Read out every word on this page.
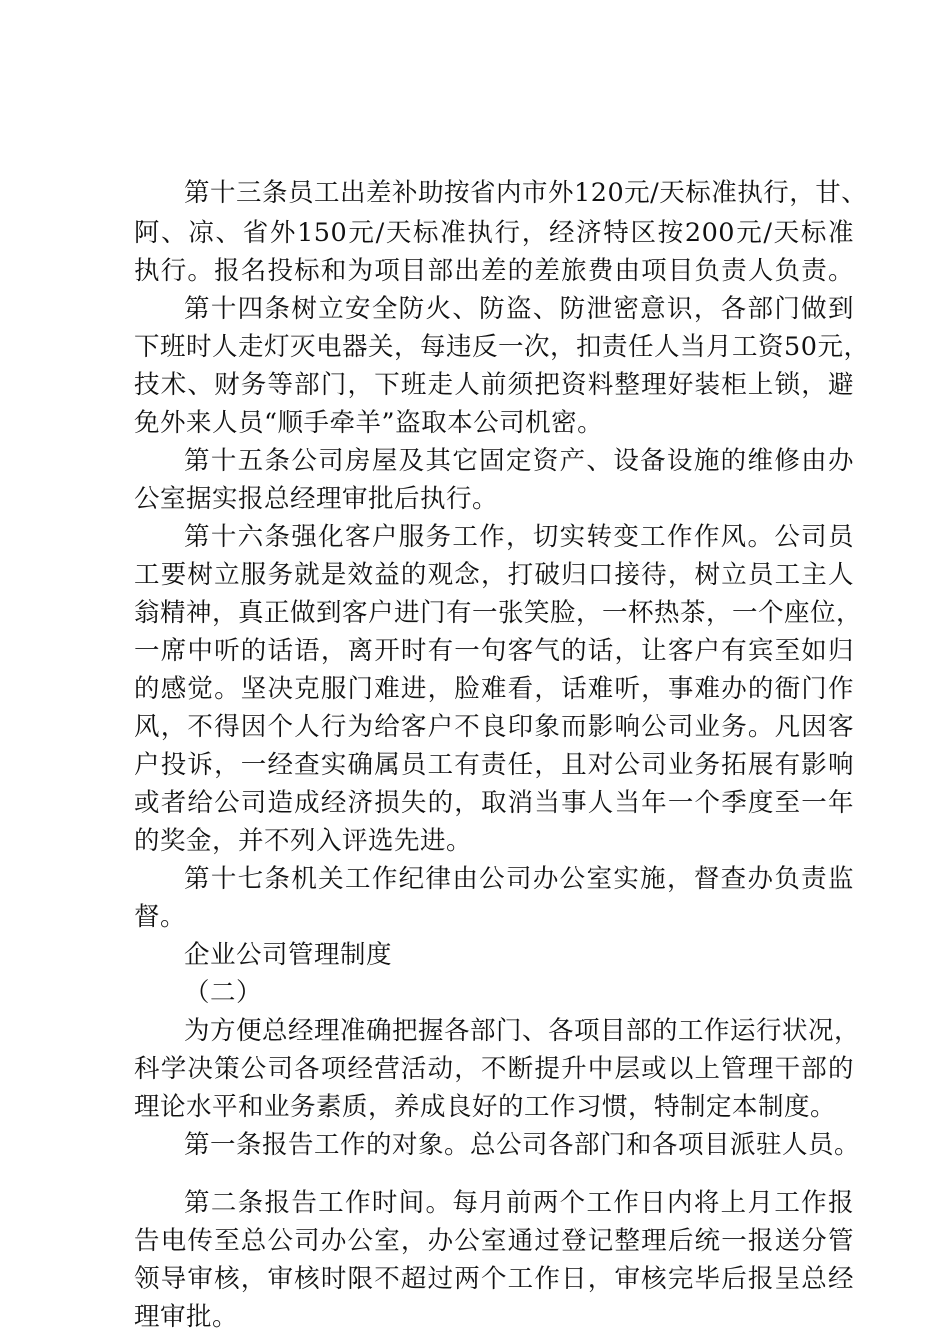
第十三条员工出差补助按省内市外120元/天标准执行，甘、
阿、凉、省外150元/天标准执行，经济特区按200元/天标准
执行。报名投标和为项目部出差的差旅费由项目负责人负责。
第十四条树立安全防火、防盗、防泄密意识，各部门做到
下班时人走灯灭电器关，每违反一次，扣责任人当月工资50元，
技术、财务等部门，下班走人前须把资料整理好装柜上锁，避
免外来人员“顺手牵羊”盗取本公司机密。
第十五条公司房屋及其它固定资产、设备设施的维修由办
公室据实报总经理审批后执行。
第十六条强化客户服务工作，切实转变工作作风。公司员
工要树立服务就是效益的观念，打破归口接待，树立员工主人
翁精神，真正做到客户进门有一张笑脸，一杯热茶，一个座位，
一席中听的话语，离开时有一句客气的话，让客户有宾至如归
的感觉。坚决克服门难进，脸难看，话难听，事难办的衙门作
风，不得因个人行为给客户不良印象而影响公司业务。凡因客
户投诉，一经查实确属员工有责任，且对公司业务拓展有影响
或者给公司造成经济损失的，取消当事人当年一个季度至一年
的奖金，并不列入评选先进。
第十七条机关工作纪律由公司办公室实施，督查办负责监
督。
企业公司管理制度
（二）
为方便总经理准确把握各部门、各项目部的工作运行状况，
科学决策公司各项经营活动，不断提升中层或以上管理干部的
理论水平和业务素质，养成良好的工作习惯，特制定本制度。
第一条报告工作的对象。总公司各部门和各项目派驻人员。
第二条报告工作时间。每月前两个工作日内将上月工作报
告电传至总公司办公室，办公室通过登记整理后统一报送分管
领导审核，审核时限不超过两个工作日，审核完毕后报呈总经
理审批。
